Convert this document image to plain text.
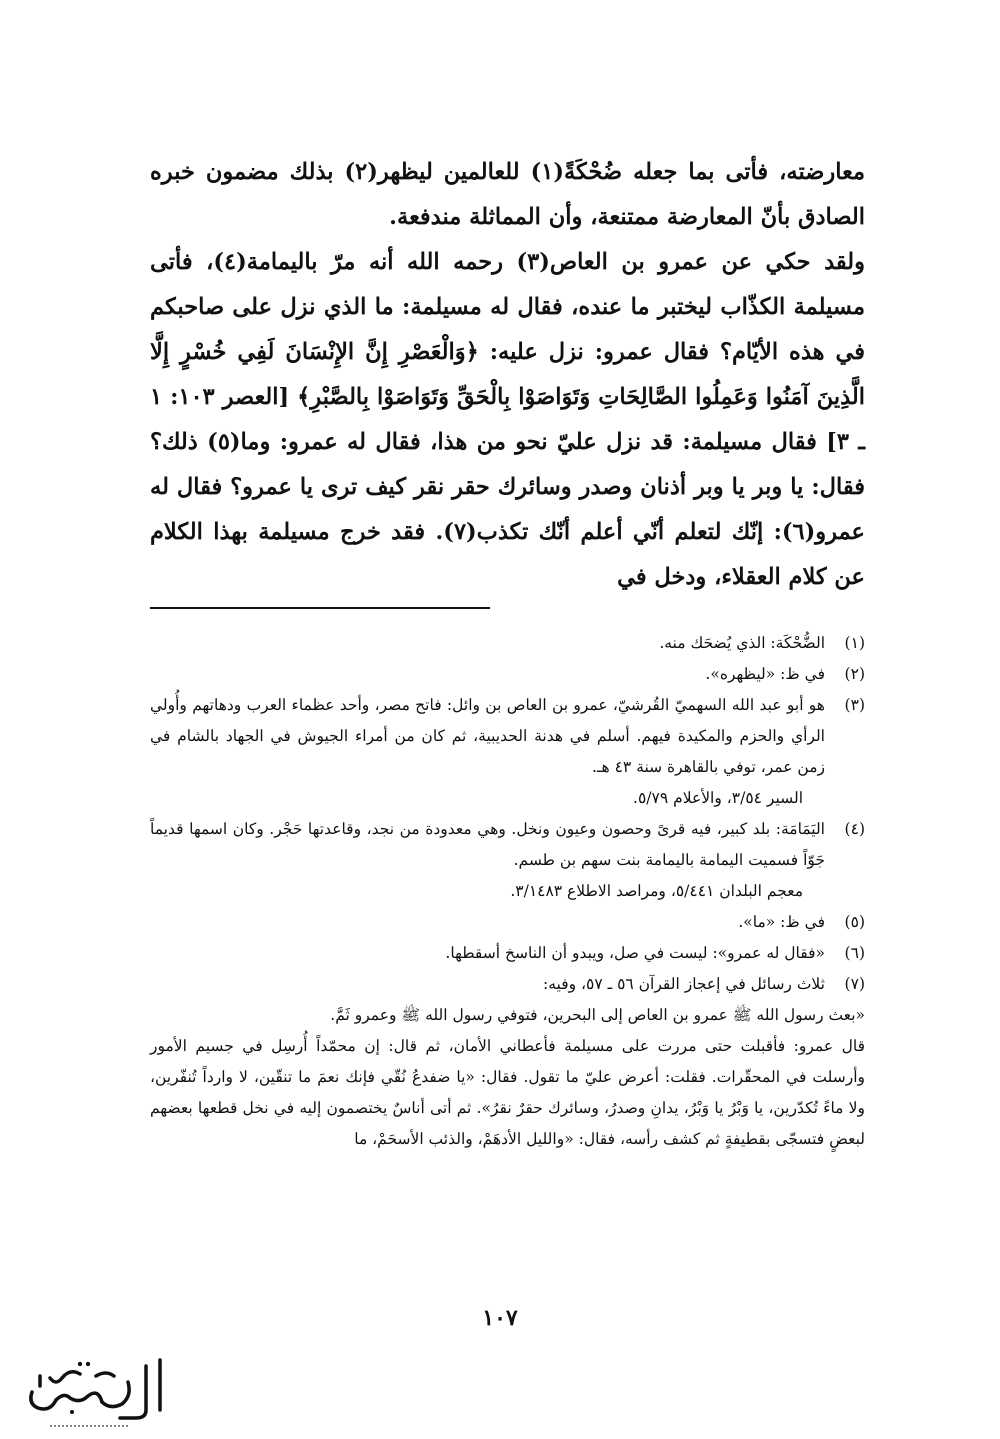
معارضته، فأتى بما جعله ضُحْكَةً(١) للعالمين ليظهر(٢) بذلك مضمون خبره الصادق بأنّ المعارضة ممتنعة، وأن المماثلة مندفعة.

ولقد حكي عن عمرو بن العاص(٣) رحمه الله أنه مرّ باليمامة(٤)، فأتى مسيلمة الكذّاب ليختبر ما عنده، فقال له مسيلمة: ما الذي نزل على صاحبكم في هذه الأيّام؟ فقال عمرو: نزل عليه: ﴿وَالْعَصْرِ إِنَّ الإِنْسَانَ لَفِي خُسْرٍ إِلَّا الَّذِينَ آمَنُوا وَعَمِلُوا الصَّالِحَاتِ وَتَوَاصَوْا بِالْحَقِّ وَتَوَاصَوْا بِالصَّبْرِ﴾ [العصر ١٠٣: ١ ـ ٣] فقال مسيلمة: قد نزل عليّ نحو من هذا، فقال له عمرو: وما(٥) ذلك؟ فقال: يا وبر يا وبر أذنان وصدر وسائرك حقر نقر كيف ترى يا عمرو؟ فقال له عمرو(٦): إنّك لتعلم أنّي أعلم أنّك تكذب(٧). فقد خرج مسيلمة بهذا الكلام عن كلام العقلاء، ودخل في

(١)
الضُّحْكَة: الذي يُضحَك منه.
(٢)
في ظ: «ليظهره».
(٣)
هو أبو عبد الله السهميّ القُرشيّ، عمرو بن العاص بن وائل: فاتح مصر، وأحد عظماء العرب ودهاتهم وأُولي الرأي والحزم والمكيدة فيهم. أسلم في هدنة الحديبية، ثم كان من أمراء الجيوش في الجهاد بالشام في زمن عمر، توفي بالقاهرة سنة ٤٣ هـ.
السير ٣/٥٤، والأعلام ٥/٧٩.
(٤)
اليَمَامَة: بلد كبير، فيه قرىً وحصون وعيون ونخل. وهي معدودة من نجد، وقاعدتها حَجْر. وكان اسمها قديماً جَوّاً فسميت اليمامة باليمامة بنت سهم بن طسم.
معجم البلدان ٥/٤٤١، ومراصد الاطلاع ٣/١٤٨٣.
(٥)
في ظ: «ما».
(٦)
«فقال له عمرو»: ليست في صل، ويبدو أن الناسخ أسقطها.
(٧)
ثلاث رسائل في إعجاز القرآن ٥٦ ـ ٥٧، وفيه:
«بعث رسول الله ﷺ عمرو بن العاص إلى البحرين، فتوفي رسول الله ﷺ وعمرو ثَمَّ.
قال عمرو: فأقبلت حتى مررت على مسيلمة فأعطاني الأمان، ثم قال: إن محمّداً أُرسِل في جسيم الأمور وأرسلت في المحقّرات. فقلت: أعرض عليّ ما تقول. فقال: «يا ضفدعُ نُقّي فإنك نعمَ ما تنقّين، لا وارداً تُنفّرين، ولا ماءً تُكدّرين، يا وَبْرُ يا وَبْرُ، يدانِ وصدرُ، وسائرك حقرٌ نقرُ». ثم أتى أناسٌ يختصمون إليه في نخل قطعها بعضهم لبعضٍ فتسجّى بقطيفةٍ ثم كشف رأسه، فقال: «والليل الأدهَمْ، والذئب الأسحَمْ، ما
١٠٧
